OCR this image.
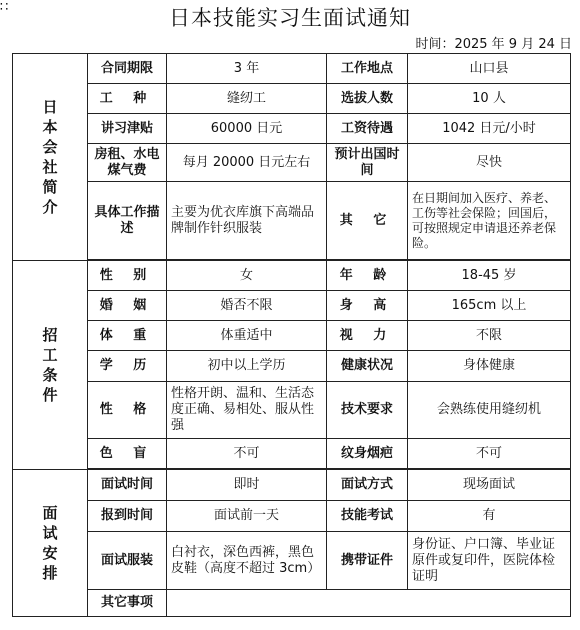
∷	日本技能实习生面试通知
时间：2025 年 9 月 24 日
日本会社简介	合同期限	3 年	工作地点	山口县
	工 种	缝纫工	选拔人数	10 人
	讲习津贴	60000 日元	工资待遇	1042 日元/小时
	房租、水电煤气费	每月 20000 日元左右	预计出国时间	尽快
	具体工作描述	主要为优衣库旗下高端品牌制作针织服装	其 它	在日期间加入医疗、养老、工伤等社会保险；回国后，可按照规定申请退还养老保险。

招工条件	性 别	女	年 龄	18-45 岁
	婚 姻	婚否不限	身 高	165cm 以上
	体 重	体重适中	视 力	不限
	学 历	初中以上学历	健康状况	身体健康
	性 格	性格开朗、温和、生活态度正确、易相处、服从性强	技术要求	会熟练使用缝纫机
	色 盲	不可	纹身烟疤	不可

面试安排	面试时间	即时	面试方式	现场面试
	报到时间	面试前一天	技能考试	有
	面试服装	白衬衣，深色西裤，黑色皮鞋（高度不超过 3cm）	携带证件	身份证、户口簿、毕业证原件或复印件，医院体检证明
	其它事项			
